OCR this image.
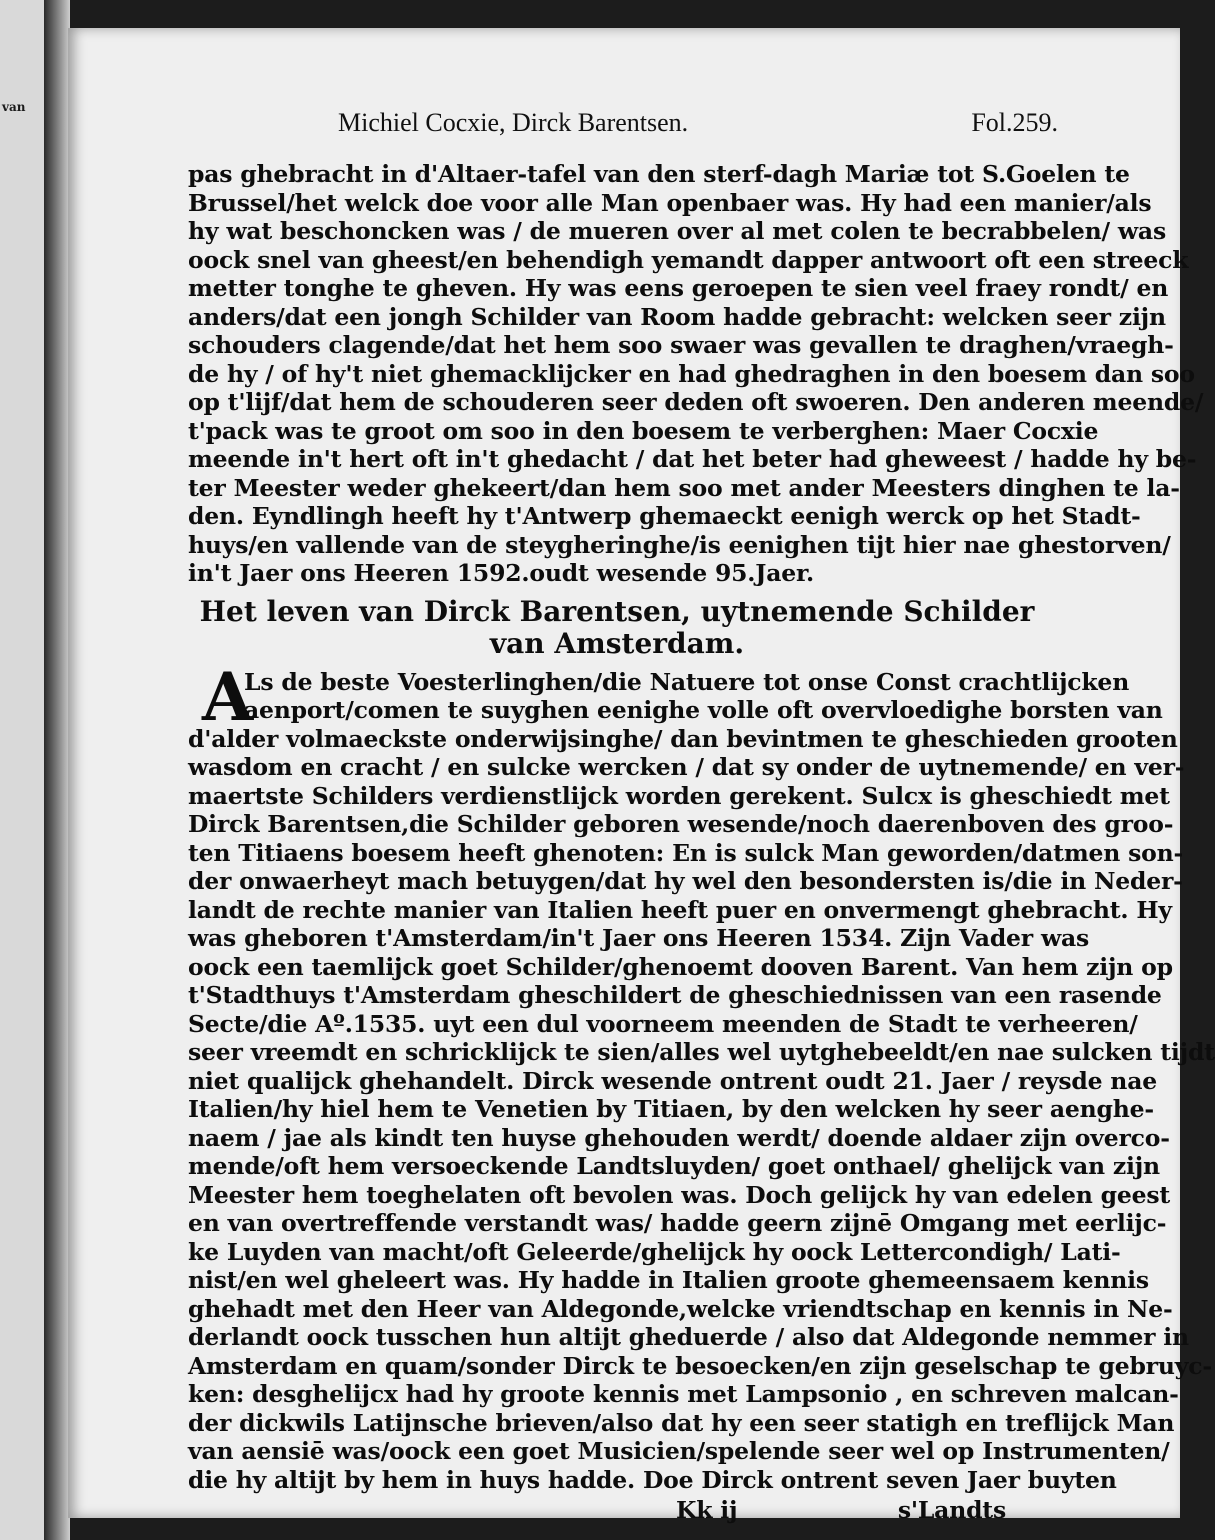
van
Michiel Cocxie, Dirck Barentsen.	Fol.259.
pas ghebracht in d'Altaer-tafel van den sterf-dagh Mariæ tot S.Goelen te
Brussel/het welck doe voor alle Man openbaer was. Hy had een manier/als
hy wat beschoncken was / de mueren over al met colen te becrabbelen/ was
oock snel van gheest/en behendigh yemandt dapper antwoort oft een streeck
metter tonghe te gheven. Hy was eens geroepen te sien veel fraey rondt/ en
anders/dat een jongh Schilder van Room hadde gebracht: welcken seer zijn
schouders clagende/dat het hem soo swaer was gevallen te draghen/vraegh-
de hy / of hy't niet ghemacklijcker en had ghedraghen in den boesem dan soo
op t'lijf/dat hem de schouderen seer deden oft swoeren. Den anderen meende/
t'pack was te groot om soo in den boesem te verberghen: Maer Cocxie
meende in't hert oft in't ghedacht / dat het beter had gheweest / hadde hy be-
ter Meester weder ghekeert/dan hem soo met ander Meesters dinghen te la-
den. Eyndlingh heeft hy t'Antwerp ghemaeckt eenigh werck op het Stadt-
huys/en vallende van de steygheringhe/is eenighen tijt hier nae ghestorven/
in't Jaer ons Heeren 1592.oudt wesende 95.Jaer.
Het leven van Dirck Barentsen, uytnemende Schilder
van Amsterdam.
A
Ls de beste Voesterlinghen/die Natuere tot onse Const crachtlijcken
aenport/comen te suyghen eenighe volle oft overvloedighe borsten van
d'alder volmaeckste onderwijsinghe/ dan bevintmen te gheschieden grooten
wasdom en cracht / en sulcke wercken / dat sy onder de uytnemende/ en ver-
maertste Schilders verdienstlijck worden gerekent. Sulcx is gheschiedt met
Dirck Barentsen,die Schilder geboren wesende/noch daerenboven des groo-
ten Titiaens boesem heeft ghenoten: En is sulck Man geworden/datmen son-
der onwaerheyt mach betuygen/dat hy wel den besondersten is/die in Neder-
landt de rechte manier van Italien heeft puer en onvermengt ghebracht. Hy
was gheboren t'Amsterdam/in't Jaer ons Heeren 1534. Zijn Vader was
oock een taemlijck goet Schilder/ghenoemt dooven Barent. Van hem zijn op
t'Stadthuys t'Amsterdam gheschildert de gheschiednissen van een rasende
Secte/die Aº.1535. uyt een dul voorneem meenden de Stadt te verheeren/
seer vreemdt en schricklijck te sien/alles wel uytghebeeldt/en nae sulcken tijdt
niet qualijck ghehandelt. Dirck wesende ontrent oudt 21. Jaer / reysde nae
Italien/hy hiel hem te Venetien by Titiaen, by den welcken hy seer aenghe-
naem / jae als kindt ten huyse ghehouden werdt/ doende aldaer zijn overco-
mende/oft hem versoeckende Landtsluyden/ goet onthael/ ghelijck van zijn
Meester hem toeghelaten oft bevolen was. Doch gelijck hy van edelen geest
en van overtreffende verstandt was/ hadde geern zijnē Omgang met eerlijc-
ke Luyden van macht/oft Geleerde/ghelijck hy oock Lettercondigh/ Lati-
nist/en wel gheleert was. Hy hadde in Italien groote ghemeensaem kennis
ghehadt met den Heer van Aldegonde,welcke vriendtschap en kennis in Ne-
derlandt oock tusschen hun altijt gheduerde / also dat Aldegonde nemmer in
Amsterdam en quam/sonder Dirck te besoecken/en zijn geselschap te gebruyc-
ken: desghelijcx had hy groote kennis met Lampsonio , en schreven malcan-
der dickwils Latijnsche brieven/also dat hy een seer statigh en treflijck Man
van aensiē was/oock een goet Musicien/spelende seer wel op Instrumenten/
die hy altijt by hem in huys hadde. Doe Dirck ontrent seven Jaer buyten
Kk ij	s'Landts
